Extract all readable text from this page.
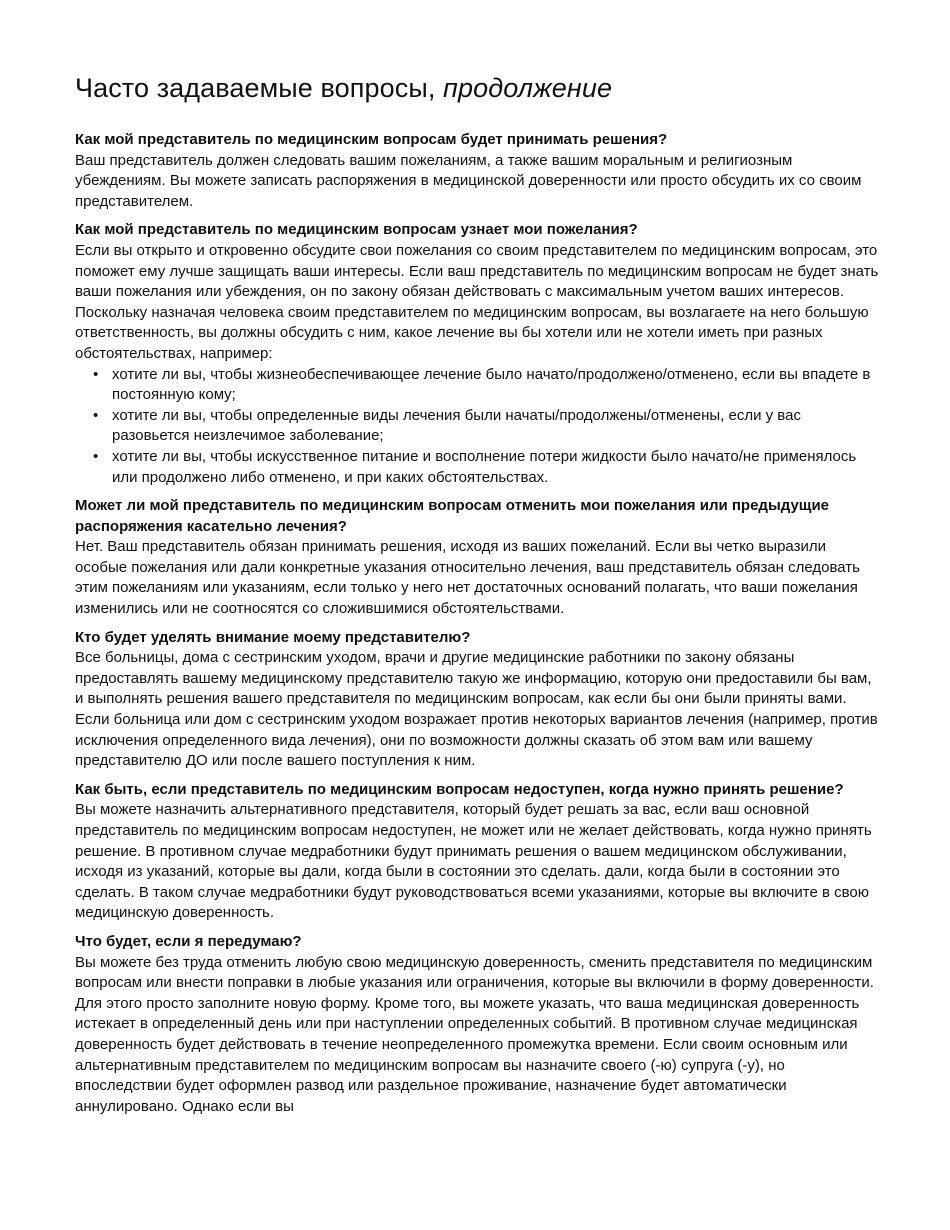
Часто задаваемые вопросы, продолжение

Как мой представитель по медицинским вопросам будет принимать решения?

Ваш представитель должен следовать вашим пожеланиям, а также вашим моральным и религиозным убеждениям. Вы можете записать распоряжения в медицинской доверенности или просто обсудить их со своим представителем.

Как мой представитель по медицинским вопросам узнает мои пожелания?

Если вы открыто и откровенно обсудите свои пожелания со своим представителем по медицинским вопросам, это поможет ему лучше защищать ваши интересы. Если ваш представитель по медицинским вопросам не будет знать ваши пожелания или убеждения, он по закону обязан действовать с максимальным учетом ваших интересов. Поскольку назначая человека своим представителем по медицинским вопросам, вы возлагаете на него большую ответственность, вы должны обсудить с ним, какое лечение вы бы хотели или не хотели иметь при разных обстоятельствах, например:

• хотите ли вы, чтобы жизнеобеспечивающее лечение было начато/продолжено/отменено, если вы впадете в постоянную кому;
• хотите ли вы, чтобы определенные виды лечения были начаты/продолжены/отменены, если у вас разовьется неизлечимое заболевание;
• хотите ли вы, чтобы искусственное питание и восполнение потери жидкости было начато/не применялось или продолжено либо отменено, и при каких обстоятельствах.

Может ли мой представитель по медицинским вопросам отменить мои пожелания или предыдущие распоряжения касательно лечения?

Нет. Ваш представитель обязан принимать решения, исходя из ваших пожеланий. Если вы четко выразили особые пожелания или дали конкретные указания относительно лечения, ваш представитель обязан следовать этим пожеланиям или указаниям, если только у него нет достаточных оснований полагать, что ваши пожелания изменились или не соотносятся со сложившимися обстоятельствами.

Кто будет уделять внимание моему представителю?

Все больницы, дома с сестринским уходом, врачи и другие медицинские работники по закону обязаны предоставлять вашему медицинскому представителю такую же информацию, которую они предоставили бы вам, и выполнять решения вашего представителя по медицинским вопросам, как если бы они были приняты вами. Если больница или дом с сестринским уходом возражает против некоторых вариантов лечения (например, против исключения определенного вида лечения), они по возможности должны сказать об этом вам или вашему представителю ДО или после вашего поступления к ним.

Как быть, если представитель по медицинским вопросам недоступен, когда нужно принять решение?

Вы можете назначить альтернативного представителя, который будет решать за вас, если ваш основной представитель по медицинским вопросам недоступен, не может или не желает действовать, когда нужно принять решение. В противном случае медработники будут принимать решения о вашем медицинском обслуживании, исходя из указаний, которые вы дали, когда были в состоянии это сделать. дали, когда были в состоянии это сделать. В таком случае медработники будут руководствоваться всеми указаниями, которые вы включите в свою медицинскую доверенность.

Что будет, если я передумаю?

Вы можете без труда отменить любую свою медицинскую доверенность, сменить представителя по медицинским вопросам или внести поправки в любые указания или ограничения, которые вы включили в форму доверенности. Для этого просто заполните новую форму. Кроме того, вы можете указать, что ваша медицинская доверенность истекает в определенный день или при наступлении определенных событий. В противном случае медицинская доверенность будет действовать в течение неопределенного промежутка времени. Если своим основным или альтернативным представителем по медицинским вопросам вы назначите своего (-ю) супруга (-у), но впоследствии будет оформлен развод или раздельное проживание, назначение будет автоматически аннулировано. Однако если вы
